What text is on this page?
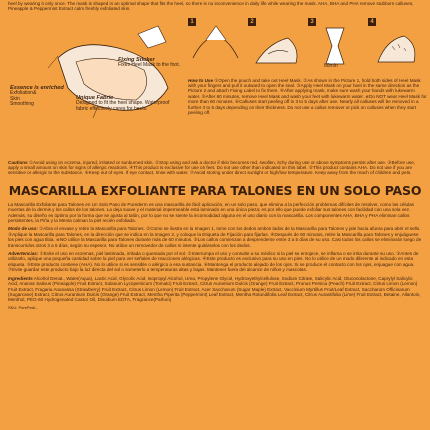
heel by wearing it only once. The mask is shaped in an optimal shape that fits the heel, so there is no inconvenience in daily life while wearing the mask. AHA, BHA and PHA remove stubborn calluses, Pineapple & Peppermint Extract calm freshly exfoliated skin.

Fixing Sticker
Fixes Heel Mask to the foot.
Essence is enriched
Exfoliation&
Skin
Smoothing
1	2	3
60min
4
How to Use ①Open the pouch and take out Heel Mask. ②As shown in the Picture 1, hold both sides of Heel Mask with your fingers and pull it outward to open the seal. ③Apply Heel Mask on your heel in the same direction as the Picture 2 and attach Fixing Label to fix them. ④After applying mask, make sure wash your hands with lukewarm water. ⑤After 60 minutes, remove Heel Mask and wash your feet with lukewarm water. ※Do NOT wear Heel Mask for more than 60 minutes. ⑥Calluses start peeling off in 3 to 5 days after use. Nearly all calluses will be removed in a further 3 to 5 days depending on their thickness. Do not use a callus remover or pick on calluses when they start peeling off.
Unique Fabric
Designed to fit the heel shape. Waterproof fabric effectively cares for heels.

Cautions ①Avoid using on eczema, injured, irritated or sunburned skin. ②Stop using and ask a doctor if skin becomes red, swollen, itchy during use or above symptoms persist after use. ③Before use, apply a small amount on skin for signs of allergic reactions. ④This product is exclusive for use on feet. Do not use other than indicated on this label. ⑤This product contains AHA. Do not use if you are sensitive or allergic to the substance. ⑥Keep out of eyes. If eye contact, rinse with water. ⑦Avoid storing under direct sunlight or high/low temperature. Keep away from the reach of children and pets.

MASCARILLA EXFOLIANTE PARA TALONES EN UN SOLO PASO

La Mascarilla Exfoliante para Talones en Un Solo Paso de Purederm es una mascarilla de fácil aplicación, en un solo paso, que elimina a la perfección problemas difíciles de resolver, como las células muertas de la dermis y los callos de los talones. La deja suave y el material impermeable está laminado en una única pieza; es por ello que puede exfoliar sus talones con facilidad con una sola vez. Además, su diseño es óptimo por la forma que se ajusta al talón, por lo que no se siente la incomodidad alguna en el uso diario con la mascarilla. Los componentes AHA, BHA y PHA eliminan callos persistentes, la Piña y la Menta calman la piel recién exfoliada.

Modo de uso: ①Abra el envase y retire la Mascarilla para Talones. ②Como se ilustra en la Imagen 1, tome con los dedos ambos lados de la Mascarilla para Talones y jale hacia afuera para abrir el sello. ③Aplique la Mascarilla para Talones, en la dirección que se indica en la Imagen 2, y coloque la Etiqueta de Fijación para fijarlas. ④Después de 60 minutos, retire la Mascarilla para Talones y enjuáguese los pies con agua tibia. ※NO utilice la Mascarilla para Talones durante más de 60 minutos. ⑤Los callos comienzan a desprenderse entre 3 a 5 días de su uso. Casi todos los callos se eliminarán luego de transcurridos otros 3 a 5 días, según su espesor. No utilice un removedor de callos ni intente quitárselos con los dedos.

Advertencias: ①Evite el uso en eczemas, piel lastimada, irritada o quemada por el sol. ②Interrumpa el uso y consulte a su médico si la piel se enrojece, se inflama o se irrita durante su uso. ③Antes de utilizarlo, aplique una pequeña cantidad sobre la piel para ver señales de reacciones alérgicas. ④Este producto es exclusivo para su uso en pies. No lo utilice de un modo diferente al indicado en esta etiqueta. ⑤Este producto contiene (AHA). No lo utilice si es sensible o alérgico a esa sustancia. ⑥Mantenga el producto alejado de los ojos. Si se produce el contacto con los ojos, enjuague con agua. ⑦Evite guardar este producto bajo la luz directa del sol o someterlo a temperaturas altas y bajas. Mantener fuera del alcance de niños y mascotas.

Ingredients Alcohol Denat., Water(Aqua), Lactic Acid, Glycolic Acid, Isopropyl Alcohol, Urea, Propylene Glycol, Hydroxyethylcellulose, Sodium Citrate, Salicylic Acid, Gluconolactone, Caprylyl Salicylic Acid, Ananas Sativus (Pineapple) Fruit Extract, Solanum Lycopersicum (Tomato) Fruit Extract, Citrus Aurantium Dulcis (Orange) Fruit Extract, Prunus Persica (Peach) Fruit Extract, Citrus Limon (Lemon) Fruit Extract, Fragaria Ananassa (Strawberry) Fruit Extract, Citrus Limon (Lemon) Fruit Extract, Acer Saccharum (Sugar Maple) Extract, Vaccinium Myrtillus Fruit/Leaf Extract, Saccharum Officinarum (Sugarcane) Extract, Citrus Aurantium Dulcis (Orange) Fruit Extract, Mentha Piperita (Peppermint) Leaf Extract, Mentha Rotundifolia Leaf Extract, Citrus Aurantifolia (Lime) Fruit Extract, Betaine, Allantoin, Menthol, PEG-60 Hydrogenated Castor Oil, Disodium EDTA, Fragrance(Parfum)

SKU: PurePedi...
